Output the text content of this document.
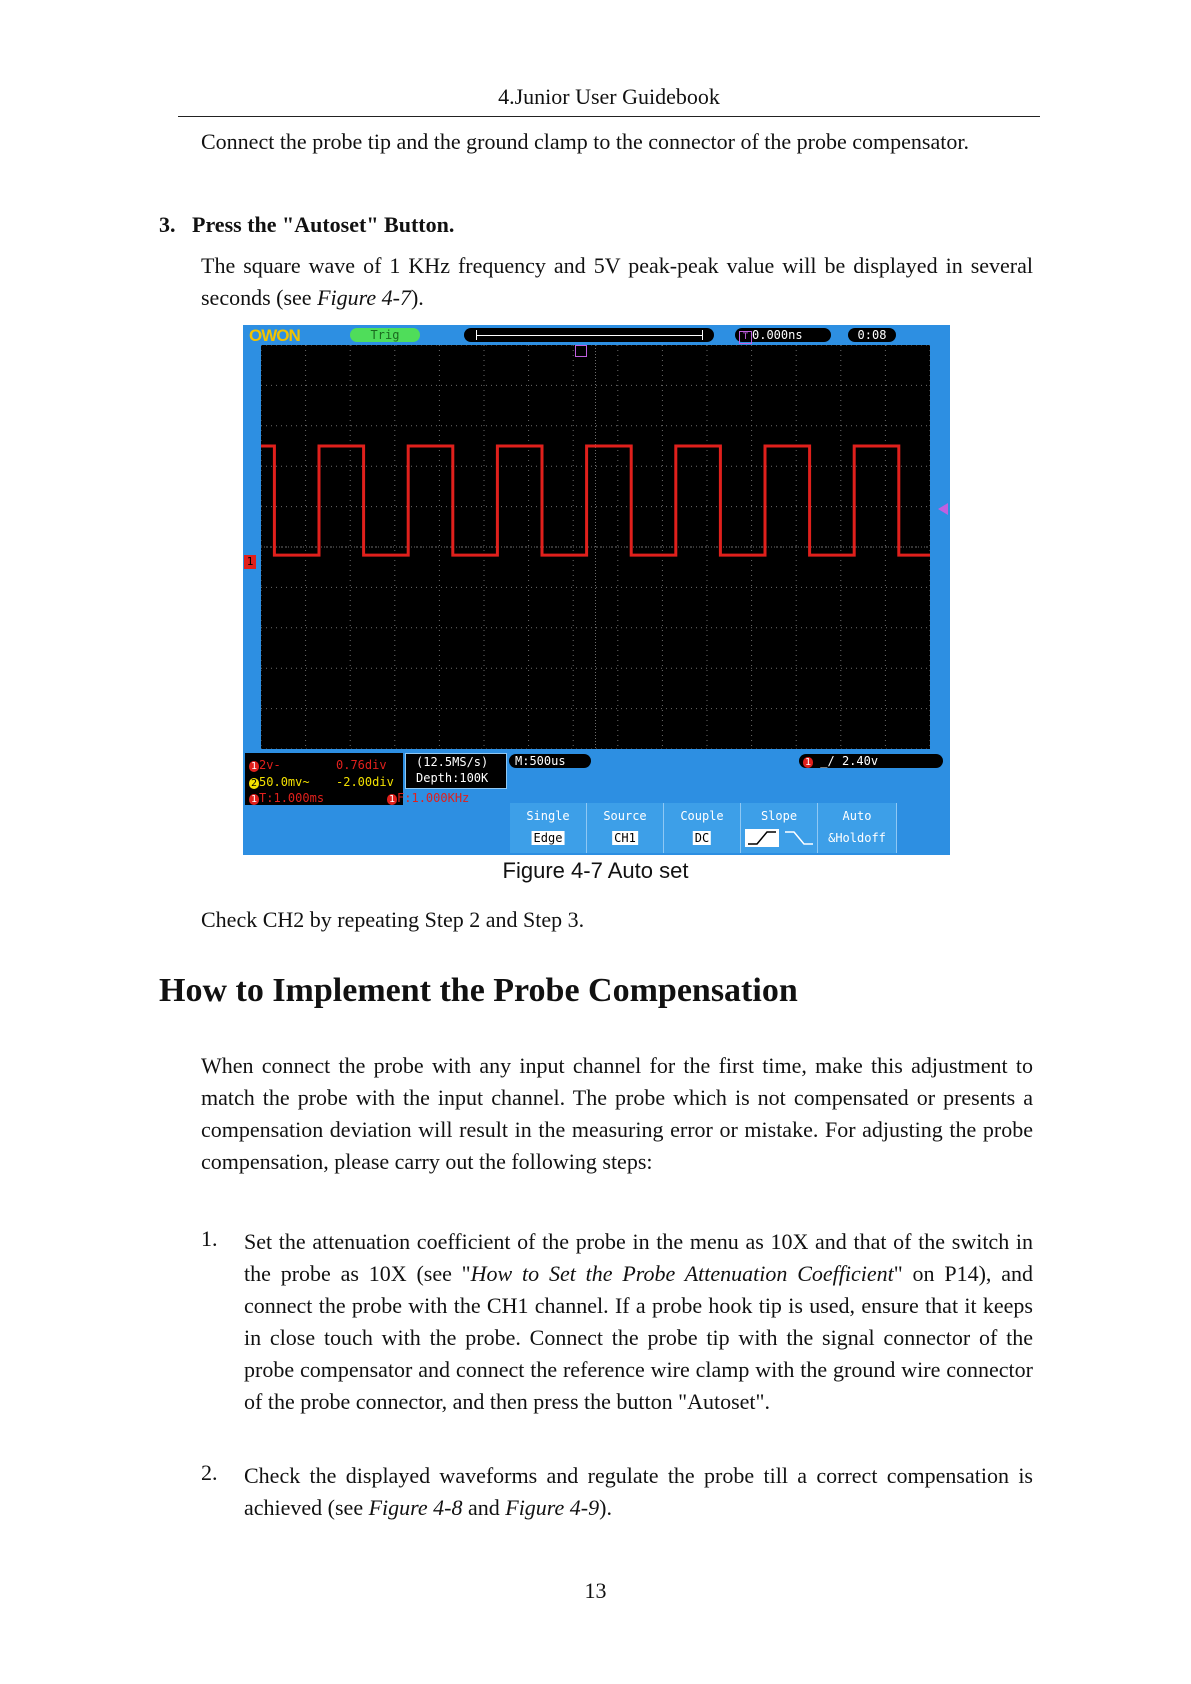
4.Junior User Guidebook
Connect the probe tip and the ground clamp to the connector of the probe compensator.
3. Press the "Autoset" Button.
The square wave of 1 KHz frequency and 5V peak-peak value will be displayed in several seconds (see Figure 4-7).
OWON	Trig	T 0.000ns	0:08
1
1 2v-	0.76div
2 50.0mv~ -2.00div
1 T:1.000ms	1 F:1.000KHz
(12.5MS/s)
Depth:100K
M:500us	1 _/ 2.40v
Single
Edge
Source
CH1
Couple
DC
Slope	Auto
&Holdoff
Figure 4-7 Auto set
Check CH2 by repeating Step 2 and Step 3.
How to Implement the Probe Compensation
When connect the probe with any input channel for the first time, make this adjustment to match the probe with the input channel. The probe which is not compensated or presents a compensation deviation will result in the measuring error or mistake. For adjusting the probe compensation, please carry out the following steps:
1. Set the attenuation coefficient of the probe in the menu as 10X and that of the switch in the probe as 10X (see "How to Set the Probe Attenuation Coefficient" on P14), and connect the probe with the CH1 channel. If a probe hook tip is used, ensure that it keeps in close touch with the probe. Connect the probe tip with the signal connector of the probe compensator and connect the reference wire clamp with the ground wire connector of the probe connector, and then press the button "Autoset".
2. Check the displayed waveforms and regulate the probe till a correct compensation is achieved (see Figure 4-8 and Figure 4-9).
13
